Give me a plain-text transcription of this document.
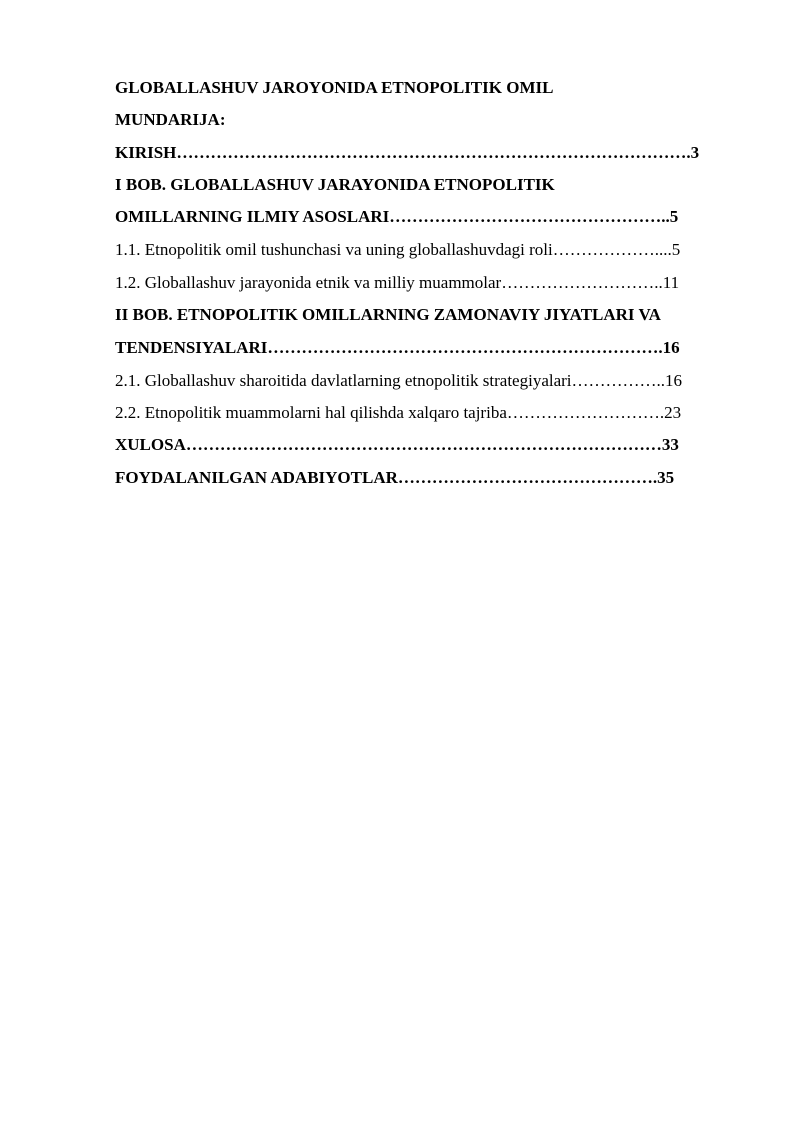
GLOBALLASHUV JAROYONIDA ETNOPOLITIK OMIL
MUNDARIJA:
KIRISH……………………………………………………………………………….3
I BOB. GLOBALLASHUV JARAYONIDA ETNOPOLITIK
OMILLARNING ILMIY ASOSLARI…………………………………………..5
1.1. Etnopolitik omil tushunchasi va uning globallashuvdagi roli………………....5
1.2. Globallashuv jarayonida etnik va milliy muammolar………………………..11
II BOB. ETNOPOLITIK OMILLARNING ZAMONAVIY JIYATLARI VA
TENDENSIYALARI…………………………………………………………….16
2.1. Globallashuv sharoitida davlatlarning etnopolitik strategiyalari……………..16
2.2. Etnopolitik muammolarni hal qilishda xalqaro tajriba……………………….23
XULOSA…………………………………………………………………………33
FOYDALANILGAN ADABIYOTLAR……………………………………….35
